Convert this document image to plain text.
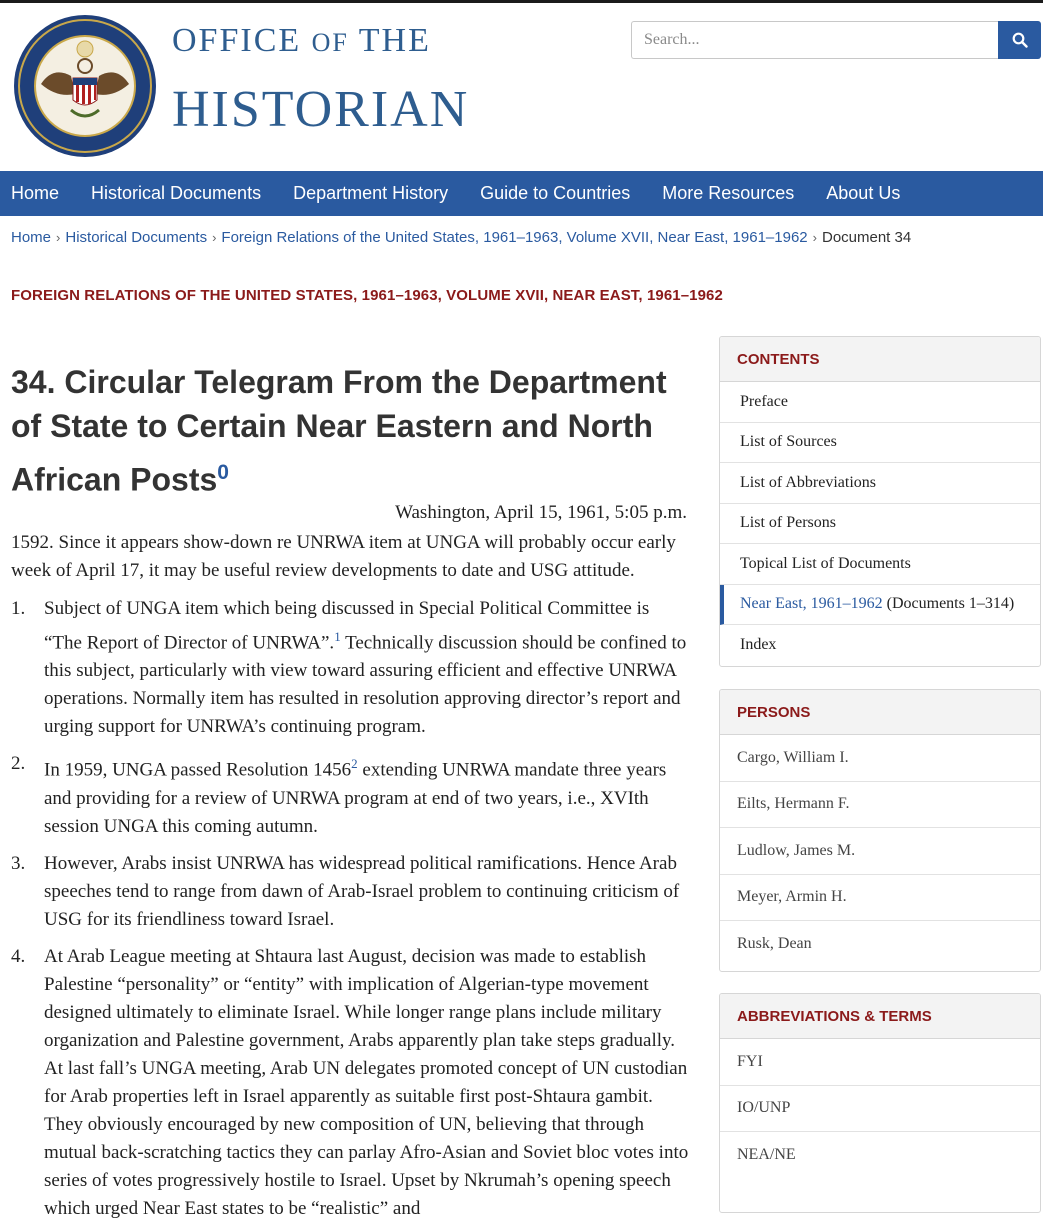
OFFICE OF THE
HISTORIAN
Search...
Home	Historical Documents	Department History	Guide to Countries	More Resources	About Us
Home › Historical Documents › Foreign Relations of the United States, 1961–1963, Volume XVII, Near East, 1961–1962 › Document 34
FOREIGN RELATIONS OF THE UNITED STATES, 1961–1963, VOLUME XVII, NEAR EAST, 1961–1962
34. Circular Telegram From the Department of State to Certain Near Eastern and North African Posts$^0$
Washington, April 15, 1961, 5:05 p.m.

1592. Since it appears show-down re UNRWA item at UNGA will probably occur early week of April 17, it may be useful review developments to date and USG attitude.

1. Subject of UNGA item which being discussed in Special Political Committee is “The Report of Director of UNRWA”.$^1$ Technically discussion should be confined to this subject, particularly with view toward assuring efficient and effective UNRWA operations. Normally item has resulted in resolution approving director’s report and urging support for UNRWA’s continuing program.
2. In 1959, UNGA passed Resolution 1456$^2$ extending UNRWA mandate three years and providing for a review of UNRWA program at end of two years, i.e., XVIth session UNGA this coming autumn.
3. However, Arabs insist UNRWA has widespread political ramifications. Hence Arab speeches tend to range from dawn of Arab-Israel problem to continuing criticism of USG for its friendliness toward Israel.
4. At Arab League meeting at Shtaura last August, decision was made to establish Palestine “personality” or “entity” with implication of Algerian-type movement designed ultimately to eliminate Israel. While longer range plans include military organization and Palestine government, Arabs apparently plan take steps gradually. At last fall’s UNGA meeting, Arab UN delegates promoted concept of UN custodian for Arab properties left in Israel apparently as suitable first post-Shtaura gambit. They obviously encouraged by new composition of UN, believing that through mutual back-scratching tactics they can parlay Afro-Asian and Soviet bloc votes into series of votes progressively hostile to Israel. Upset by Nkrumah’s opening speech which urged Near East states to be “realistic” and
CONTENTS
Preface
List of Sources
List of Abbreviations
List of Persons
Topical List of Documents
Near East, 1961–1962 (Documents 1–314)
Index
PERSONS
Cargo, William I.
Eilts, Hermann F.
Ludlow, James M.
Meyer, Armin H.
Rusk, Dean
ABBREVIATIONS & TERMS
FYI
IO/UNP
NEA/NE
